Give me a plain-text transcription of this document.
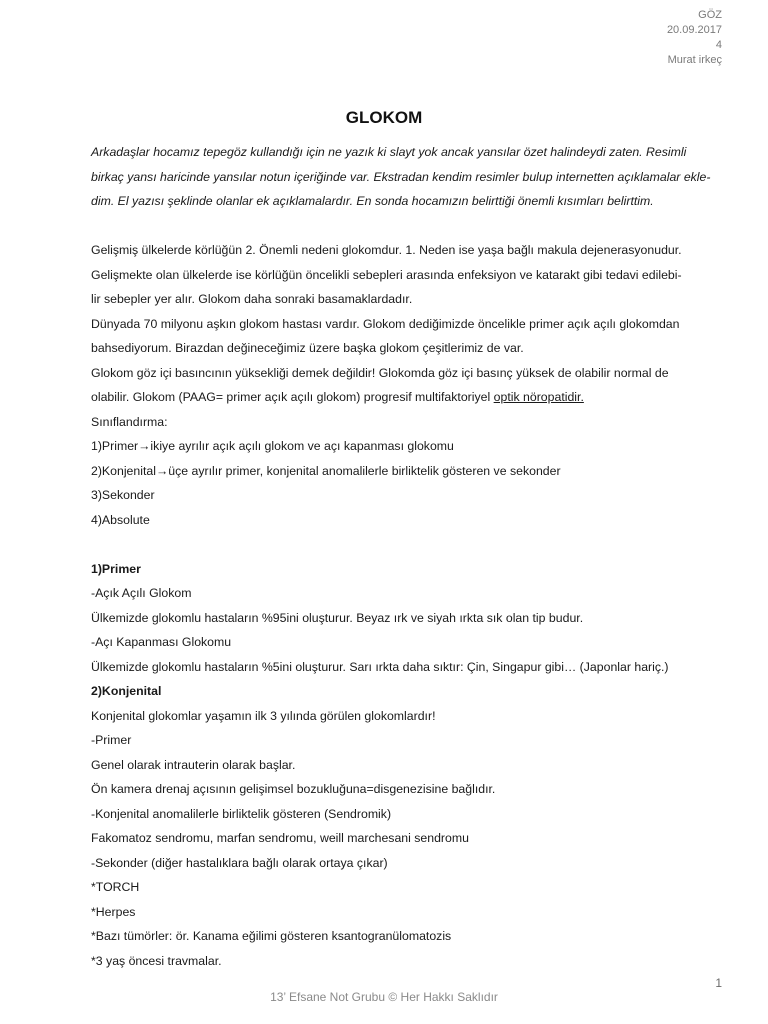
GÖZ
20.09.2017
4
Murat irkeç
GLOKOM

Arkadaşlar hocamız tepegöz kullandığı için ne yazık ki slayt yok ancak yansılar özet halindeydi zaten. Resimli

birkaç yansı haricinde yansılar notun içeriğinde var. Ekstradan kendim resimler bulup internetten açıklamalar ekle-

dim. El yazısı şeklinde olanlar ek açıklamalardır. En sonda hocamızın belirttiği önemli kısımları belirttim.

Gelişmiş ülkelerde körlüğün 2. Önemli nedeni glokomdur. 1. Neden ise yaşa bağlı makula dejenerasyonudur.

Gelişmekte olan ülkelerde ise körlüğün öncelikli sebepleri arasında enfeksiyon ve katarakt gibi tedavi edilebi-

lir sebepler yer alır. Glokom daha sonraki basamaklardadır.

Dünyada 70 milyonu aşkın glokom hastası vardır. Glokom dediğimizde öncelikle primer açık açılı glokomdan

bahsediyorum. Birazdan değineceğimiz üzere başka glokom çeşitlerimiz de var.

Glokom göz içi basıncının yüksekliği demek değildir! Glokomda göz içi basınç yüksek de olabilir normal de

olabilir. Glokom (PAAG= primer açık açılı glokom) progresif multifaktoriyel optik nöropatidir.

Sınıflandırma:

1)Primer→ikiye ayrılır açık açılı glokom ve açı kapanması glokomu

2)Konjenital→üçe ayrılır primer, konjenital anomalilerle birliktelik gösteren ve sekonder

3)Sekonder

4)Absolute

1)Primer

-Açık Açılı Glokom

Ülkemizde glokomlu hastaların %95ini oluşturur. Beyaz ırk ve siyah ırkta sık olan tip budur.

-Açı Kapanması Glokomu

Ülkemizde glokomlu hastaların %5ini oluşturur. Sarı ırkta daha sıktır: Çin, Singapur gibi… (Japonlar hariç.)

2)Konjenital

Konjenital glokomlar yaşamın ilk 3 yılında görülen glokomlardır!

-Primer

Genel olarak intrauterin olarak başlar.

Ön kamera drenaj açısının gelişimsel bozukluğuna=disgenezisine bağlıdır.

-Konjenital anomalilerle birliktelik gösteren (Sendromik)

Fakomatoz sendromu, marfan sendromu, weill marchesani sendromu

-Sekonder (diğer hastalıklara bağlı olarak ortaya çıkar)

*TORCH

*Herpes

*Bazı tümörler: ör. Kanama eğilimi gösteren ksantogranülomatozis

*3 yaş öncesi travmalar.

1
13’ Efsane Not Grubu © Her Hakkı Saklıdır
